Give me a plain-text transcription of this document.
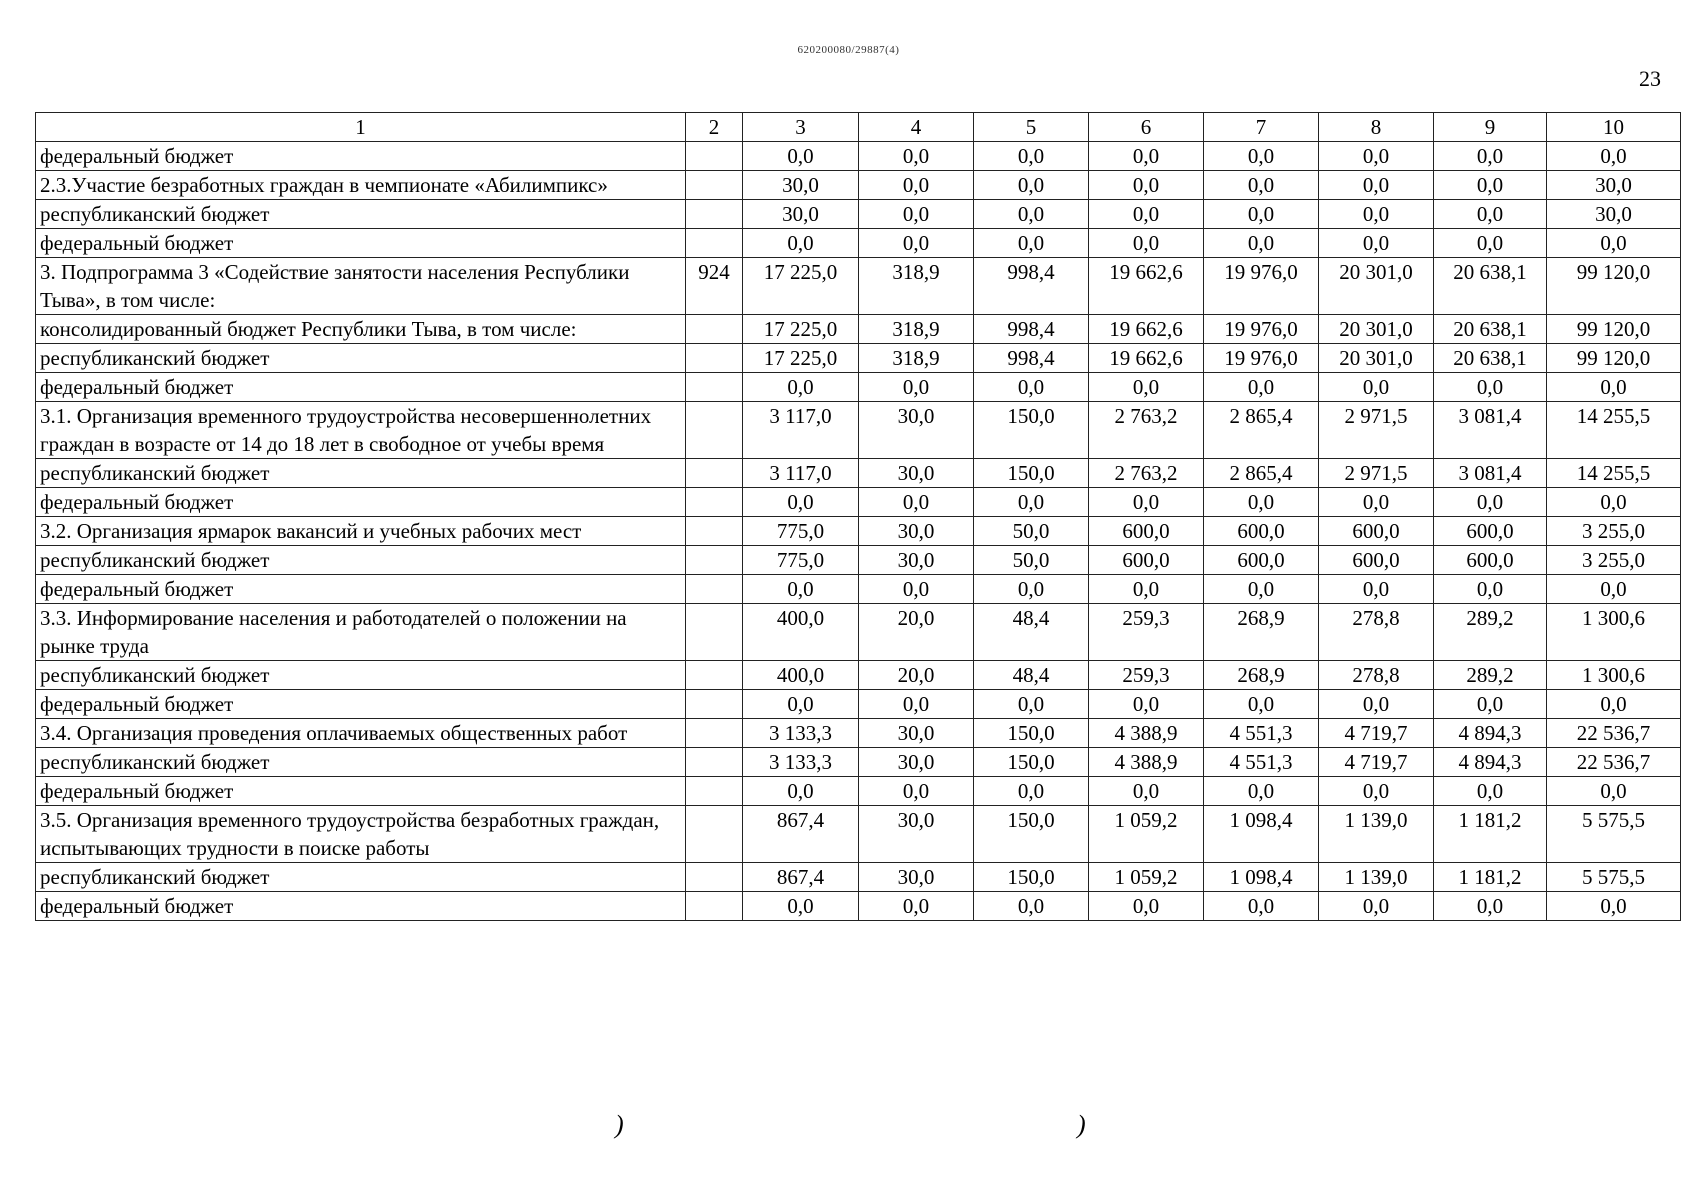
620200080/29887(4)
23
1	2	3	4	5	6	7	8	9	10
федеральный бюджет		0,0	0,0	0,0	0,0	0,0	0,0	0,0	0,0
2.3.Участие безработных граждан в чемпионате «Абилимпикс»		30,0	0,0	0,0	0,0	0,0	0,0	0,0	30,0
республиканский бюджет		30,0	0,0	0,0	0,0	0,0	0,0	0,0	30,0
федеральный бюджет		0,0	0,0	0,0	0,0	0,0	0,0	0,0	0,0
3. Подпрограмма 3 «Содействие занятости населения Республики Тыва», в том числе:	924	17 225,0	318,9	998,4	19 662,6	19 976,0	20 301,0	20 638,1	99 120,0
консолидированный бюджет Республики Тыва, в том числе:		17 225,0	318,9	998,4	19 662,6	19 976,0	20 301,0	20 638,1	99 120,0
республиканский бюджет		17 225,0	318,9	998,4	19 662,6	19 976,0	20 301,0	20 638,1	99 120,0
федеральный бюджет		0,0	0,0	0,0	0,0	0,0	0,0	0,0	0,0
3.1. Организация временного трудоустройства несовершеннолетних граждан в возрасте от 14 до 18 лет в свободное от учебы время		3 117,0	30,0	150,0	2 763,2	2 865,4	2 971,5	3 081,4	14 255,5
республиканский бюджет		3 117,0	30,0	150,0	2 763,2	2 865,4	2 971,5	3 081,4	14 255,5
федеральный бюджет		0,0	0,0	0,0	0,0	0,0	0,0	0,0	0,0
3.2. Организация ярмарок вакансий и учебных рабочих мест		775,0	30,0	50,0	600,0	600,0	600,0	600,0	3 255,0
республиканский бюджет		775,0	30,0	50,0	600,0	600,0	600,0	600,0	3 255,0
федеральный бюджет		0,0	0,0	0,0	0,0	0,0	0,0	0,0	0,0
3.3. Информирование населения и работодателей о положении на рынке труда		400,0	20,0	48,4	259,3	268,9	278,8	289,2	1 300,6
республиканский бюджет		400,0	20,0	48,4	259,3	268,9	278,8	289,2	1 300,6
федеральный бюджет		0,0	0,0	0,0	0,0	0,0	0,0	0,0	0,0
3.4. Организация проведения оплачиваемых общественных работ		3 133,3	30,0	150,0	4 388,9	4 551,3	4 719,7	4 894,3	22 536,7
республиканский бюджет		3 133,3	30,0	150,0	4 388,9	4 551,3	4 719,7	4 894,3	22 536,7
федеральный бюджет		0,0	0,0	0,0	0,0	0,0	0,0	0,0	0,0
3.5. Организация временного трудоустройства безработных граждан, испытывающих трудности в поиске работы		867,4	30,0	150,0	1 059,2	1 098,4	1 139,0	1 181,2	5 575,5
республиканский бюджет		867,4	30,0	150,0	1 059,2	1 098,4	1 139,0	1 181,2	5 575,5
федеральный бюджет		0,0	0,0	0,0	0,0	0,0	0,0	0,0	0,0
)	)
